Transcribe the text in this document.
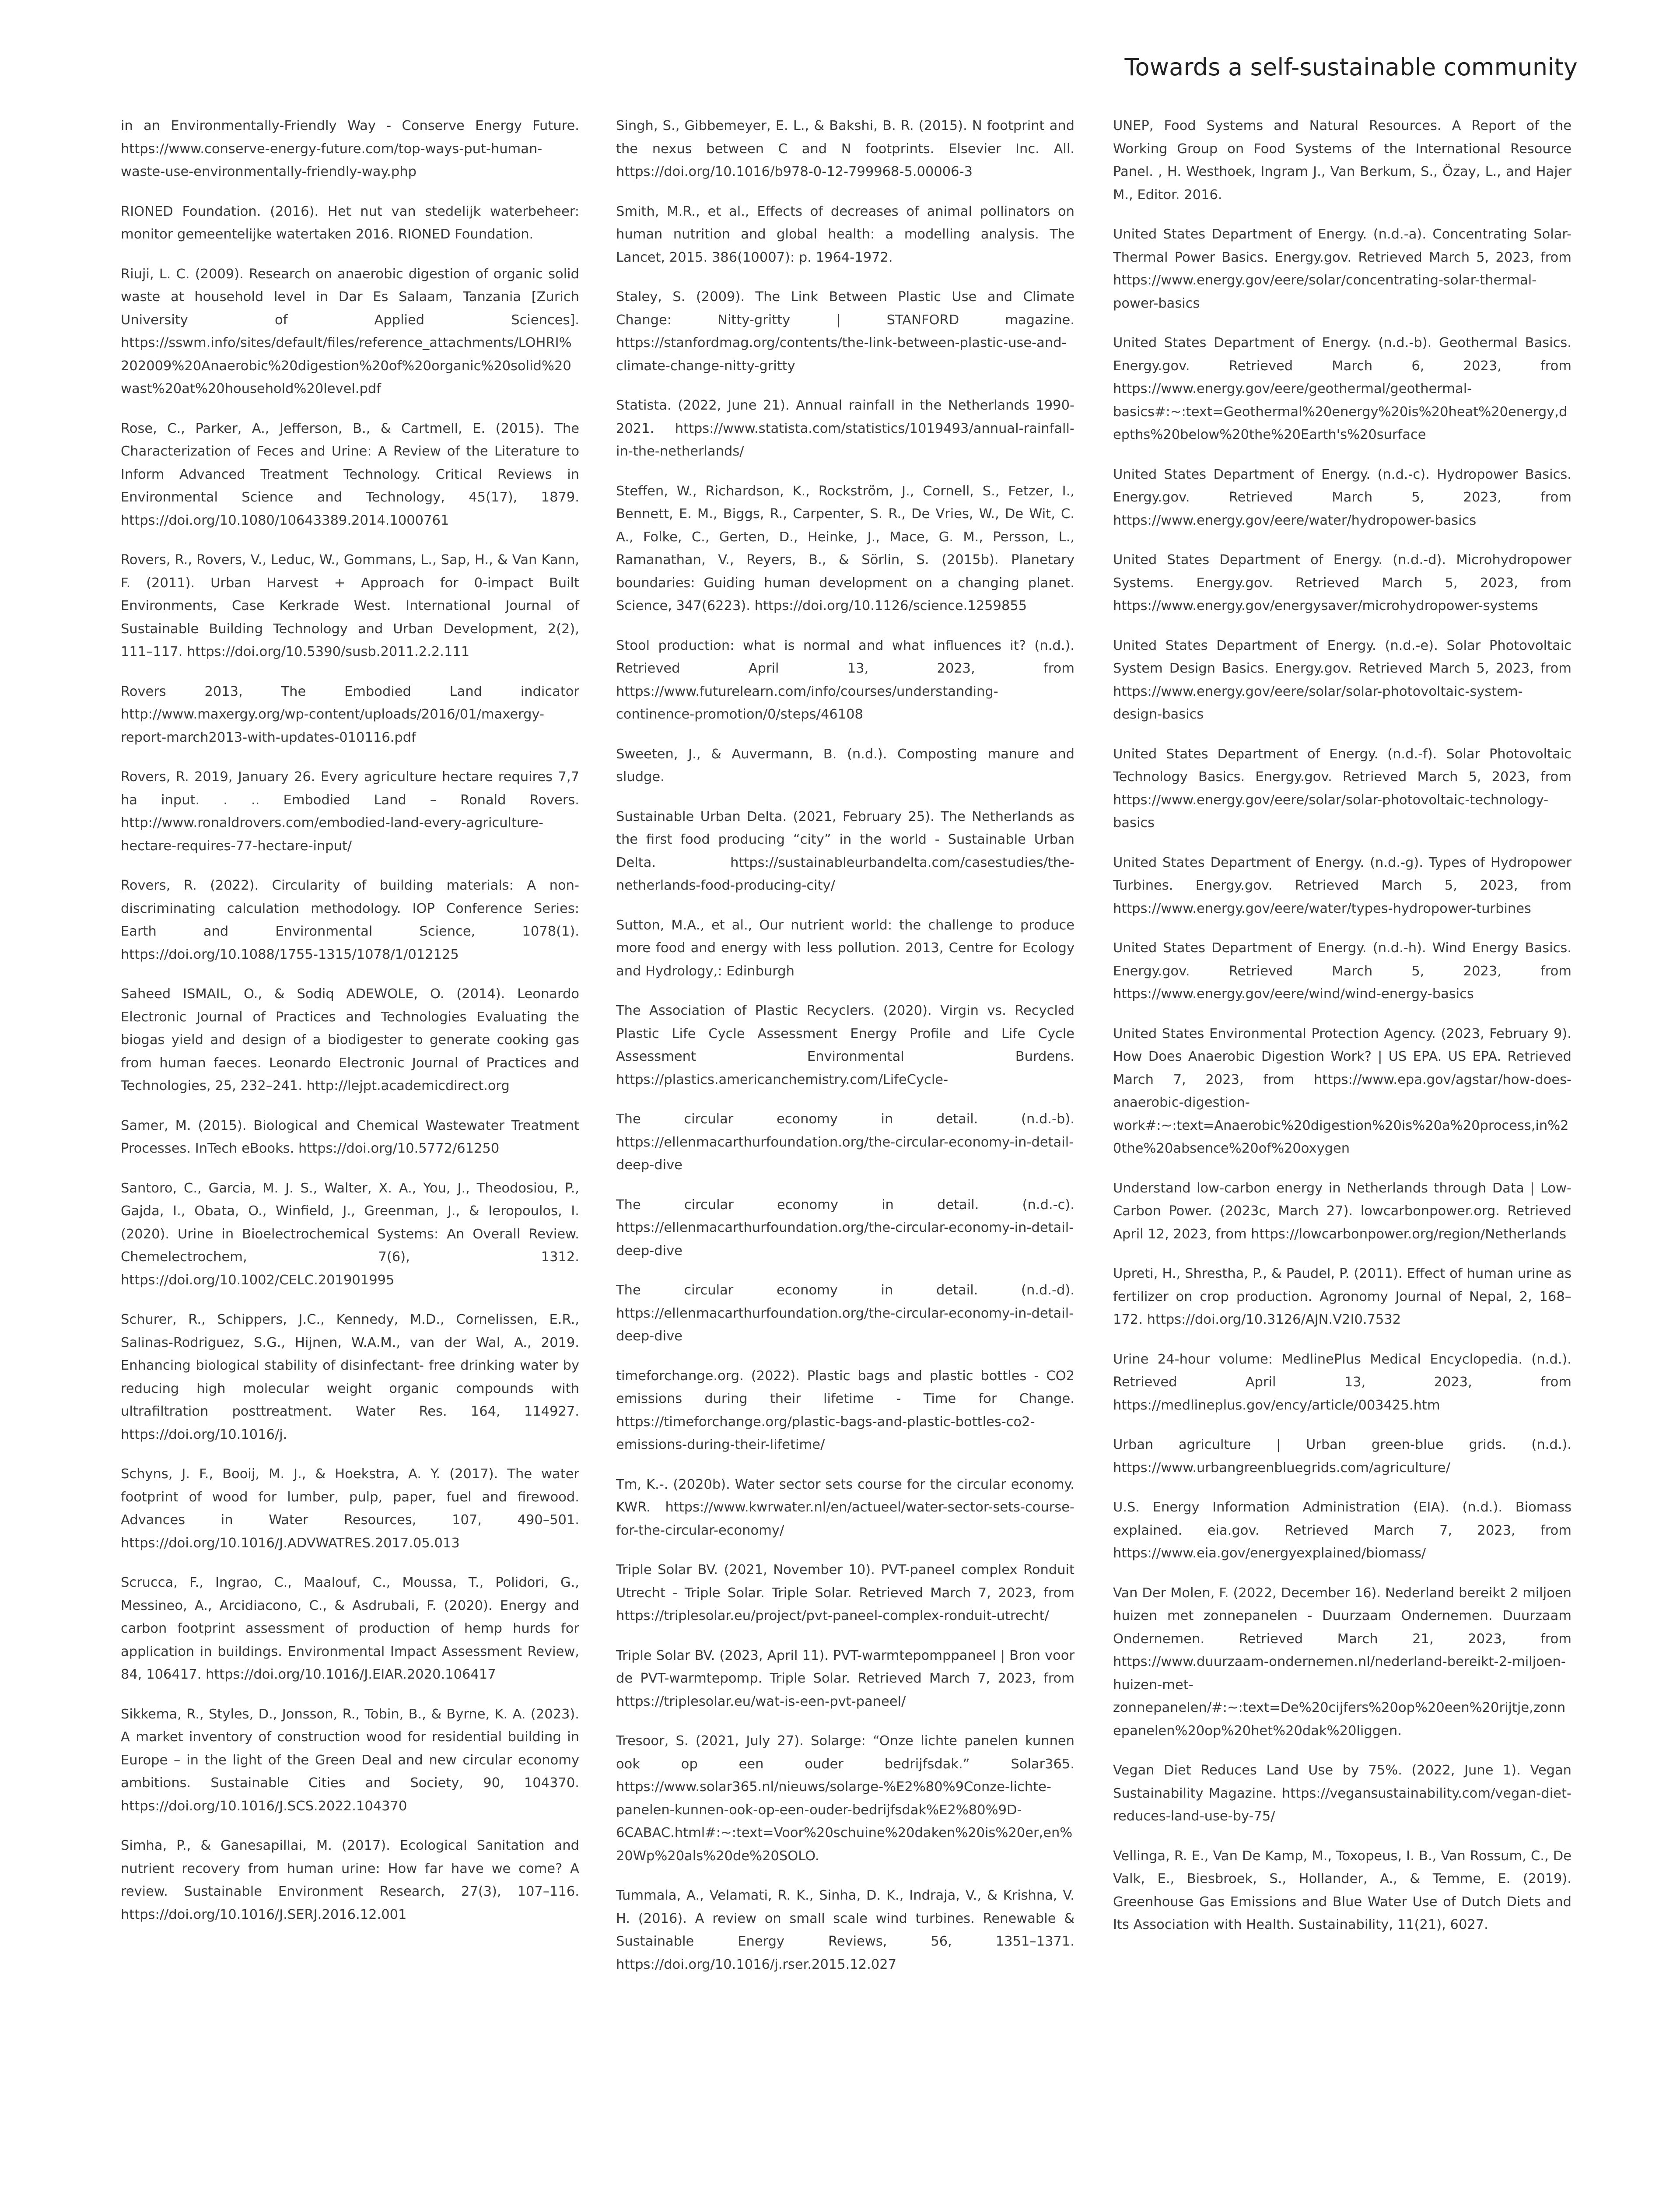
Towards a self-sustainable community

in an Environmentally-Friendly Way - Conserve Energy Future. https://www.conserve-energy-future.com/top-ways-put-human-waste-use-environmentally-friendly-way.php

RIONED Foundation. (2016). Het nut van stedelijk waterbeheer: monitor gemeentelijke watertaken 2016. RIONED Foundation.

Riuji, L. C. (2009). Research on anaerobic digestion of organic solid waste at household level in Dar Es Salaam, Tanzania [Zurich University of Applied Sciences]. https://sswm.info/sites/default/files/reference_attachments/LOHRI%202009%20Anaerobic%20digestion%20of%20organic%20solid%20wast%20at%20household%20level.pdf

Rose, C., Parker, A., Jefferson, B., & Cartmell, E. (2015). The Characterization of Feces and Urine: A Review of the Literature to Inform Advanced Treatment Technology. Critical Reviews in Environmental Science and Technology, 45(17), 1879. https://doi.org/10.1080/10643389.2014.1000761

Rovers, R., Rovers, V., Leduc, W., Gommans, L., Sap, H., & Van Kann, F. (2011). Urban Harvest + Approach for 0-impact Built Environments, Case Kerkrade West. International Journal of Sustainable Building Technology and Urban Development, 2(2), 111–117. https://doi.org/10.5390/susb.2011.2.2.111

Rovers 2013, The Embodied Land indicator http://www.maxergy.org/wp-content/uploads/2016/01/maxergy-report-march2013-with-updates-010116.pdf

Rovers, R. 2019, January 26. Every agriculture hectare requires 7,7 ha input. . .. Embodied Land – Ronald Rovers. http://www.ronaldrovers.com/embodied-land-every-agriculture-hectare-requires-77-hectare-input/

Rovers, R. (2022). Circularity of building materials: A non-discriminating calculation methodology. IOP Conference Series: Earth and Environmental Science, 1078(1). https://doi.org/10.1088/1755-1315/1078/1/012125

Saheed ISMAIL, O., & Sodiq ADEWOLE, O. (2014). Leonardo Electronic Journal of Practices and Technologies Evaluating the biogas yield and design of a biodigester to generate cooking gas from human faeces. Leonardo Electronic Journal of Practices and Technologies, 25, 232–241. http://lejpt.academicdirect.org

Samer, M. (2015). Biological and Chemical Wastewater Treatment Processes. InTech eBooks. https://doi.org/10.5772/61250

Santoro, C., Garcia, M. J. S., Walter, X. A., You, J., Theodosiou, P., Gajda, I., Obata, O., Winfield, J., Greenman, J., & Ieropoulos, I. (2020). Urine in Bioelectrochemical Systems: An Overall Review. Chemelectrochem, 7(6), 1312. https://doi.org/10.1002/CELC.201901995

Schurer, R., Schippers, J.C., Kennedy, M.D., Cornelissen, E.R., Salinas-Rodriguez, S.G., Hijnen, W.A.M., van der Wal, A., 2019. Enhancing biological stability of disinfectant- free drinking water by reducing high molecular weight organic compounds with ultrafiltration posttreatment. Water Res. 164, 114927. https://doi.org/10.1016/j.

Schyns, J. F., Booij, M. J., & Hoekstra, A. Y. (2017). The water footprint of wood for lumber, pulp, paper, fuel and firewood. Advances in Water Resources, 107, 490–501. https://doi.org/10.1016/J.ADVWATRES.2017.05.013

Scrucca, F., Ingrao, C., Maalouf, C., Moussa, T., Polidori, G., Messineo, A., Arcidiacono, C., & Asdrubali, F. (2020). Energy and carbon footprint assessment of production of hemp hurds for application in buildings. Environmental Impact Assessment Review, 84, 106417. https://doi.org/10.1016/J.EIAR.2020.106417

Sikkema, R., Styles, D., Jonsson, R., Tobin, B., & Byrne, K. A. (2023). A market inventory of construction wood for residential building in Europe – in the light of the Green Deal and new circular economy ambitions. Sustainable Cities and Society, 90, 104370. https://doi.org/10.1016/J.SCS.2022.104370

Simha, P., & Ganesapillai, M. (2017). Ecological Sanitation and nutrient recovery from human urine: How far have we come? A review. Sustainable Environment Research, 27(3), 107–116. https://doi.org/10.1016/J.SERJ.2016.12.001

Singh, S., Gibbemeyer, E. L., & Bakshi, B. R. (2015). N footprint and the nexus between C and N footprints. Elsevier Inc. All. https://doi.org/10.1016/b978-0-12-799968-5.00006-3

Smith, M.R., et al., Effects of decreases of animal pollinators on human nutrition and global health: a modelling analysis. The Lancet, 2015. 386(10007): p. 1964-1972.

Staley, S. (2009). The Link Between Plastic Use and Climate Change: Nitty-gritty | STANFORD magazine. https://stanfordmag.org/contents/the-link-between-plastic-use-and-climate-change-nitty-gritty

Statista. (2022, June 21). Annual rainfall in the Netherlands 1990-2021. https://www.statista.com/statistics/1019493/annual-rainfall-in-the-netherlands/

Steffen, W., Richardson, K., Rockström, J., Cornell, S., Fetzer, I., Bennett, E. M., Biggs, R., Carpenter, S. R., De Vries, W., De Wit, C. A., Folke, C., Gerten, D., Heinke, J., Mace, G. M., Persson, L., Ramanathan, V., Reyers, B., & Sörlin, S. (2015b). Planetary boundaries: Guiding human development on a changing planet. Science, 347(6223). https://doi.org/10.1126/science.1259855

Stool production: what is normal and what influences it? (n.d.). Retrieved April 13, 2023, from https://www.futurelearn.com/info/courses/understanding-continence-promotion/0/steps/46108

Sweeten, J., & Auvermann, B. (n.d.). Composting manure and sludge.

Sustainable Urban Delta. (2021, February 25). The Netherlands as the first food producing “city” in the world - Sustainable Urban Delta. https://sustainableurbandelta.com/casestudies/the-netherlands-food-producing-city/

Sutton, M.A., et al., Our nutrient world: the challenge to produce more food and energy with less pollution. 2013, Centre for Ecology and Hydrology,: Edinburgh

The Association of Plastic Recyclers. (2020). Virgin vs. Recycled Plastic Life Cycle Assessment Energy Profile and Life Cycle Assessment Environmental Burdens. https://plastics.americanchemistry.com/LifeCycle-

The circular economy in detail. (n.d.-b). https://ellenmacarthurfoundation.org/the-circular-economy-in-detail-deep-dive

The circular economy in detail. (n.d.-c). https://ellenmacarthurfoundation.org/the-circular-economy-in-detail-deep-dive

The circular economy in detail. (n.d.-d). https://ellenmacarthurfoundation.org/the-circular-economy-in-detail-deep-dive

timeforchange.org. (2022). Plastic bags and plastic bottles - CO2 emissions during their lifetime - Time for Change. https://timeforchange.org/plastic-bags-and-plastic-bottles-co2-emissions-during-their-lifetime/

Tm, K.-. (2020b). Water sector sets course for the circular economy. KWR. https://www.kwrwater.nl/en/actueel/water-sector-sets-course-for-the-circular-economy/

Triple Solar BV. (2021, November 10). PVT-paneel complex Ronduit Utrecht - Triple Solar. Triple Solar. Retrieved March 7, 2023, from https://triplesolar.eu/project/pvt-paneel-complex-ronduit-utrecht/

Triple Solar BV. (2023, April 11). PVT-warmtepomppaneel | Bron voor de PVT-warmtepomp. Triple Solar. Retrieved March 7, 2023, from https://triplesolar.eu/wat-is-een-pvt-paneel/

Tresoor, S. (2021, July 27). Solarge: “Onze lichte panelen kunnen ook op een ouder bedrijfsdak.” Solar365. https://www.solar365.nl/nieuws/solarge-%E2%80%9Conze-lichte-panelen-kunnen-ook-op-een-ouder-bedrijfsdak%E2%80%9D-6CABAC.html#:~:text=Voor%20schuine%20daken%20is%20er,en%20Wp%20als%20de%20SOLO.

Tummala, A., Velamati, R. K., Sinha, D. K., Indraja, V., & Krishna, V. H. (2016). A review on small scale wind turbines. Renewable & Sustainable Energy Reviews, 56, 1351–1371. https://doi.org/10.1016/j.rser.2015.12.027

UNEP, Food Systems and Natural Resources. A Report of the Working Group on Food Systems of the International Resource Panel. , H. Westhoek, Ingram J., Van Berkum, S., Özay, L., and Hajer M., Editor. 2016.

United States Department of Energy. (n.d.-a). Concentrating Solar-Thermal Power Basics. Energy.gov. Retrieved March 5, 2023, from https://www.energy.gov/eere/solar/concentrating-solar-thermal-power-basics

United States Department of Energy. (n.d.-b). Geothermal Basics. Energy.gov. Retrieved March 6, 2023, from https://www.energy.gov/eere/geothermal/geothermal-basics#:~:text=Geothermal%20energy%20is%20heat%20energy,depths%20below%20the%20Earth's%20surface

United States Department of Energy. (n.d.-c). Hydropower Basics. Energy.gov. Retrieved March 5, 2023, from https://www.energy.gov/eere/water/hydropower-basics

United States Department of Energy. (n.d.-d). Microhydropower Systems. Energy.gov. Retrieved March 5, 2023, from https://www.energy.gov/energysaver/microhydropower-systems

United States Department of Energy. (n.d.-e). Solar Photovoltaic System Design Basics. Energy.gov. Retrieved March 5, 2023, from https://www.energy.gov/eere/solar/solar-photovoltaic-system-design-basics

United States Department of Energy. (n.d.-f). Solar Photovoltaic Technology Basics. Energy.gov. Retrieved March 5, 2023, from https://www.energy.gov/eere/solar/solar-photovoltaic-technology-basics

United States Department of Energy. (n.d.-g). Types of Hydropower Turbines. Energy.gov. Retrieved March 5, 2023, from https://www.energy.gov/eere/water/types-hydropower-turbines

United States Department of Energy. (n.d.-h). Wind Energy Basics. Energy.gov. Retrieved March 5, 2023, from https://www.energy.gov/eere/wind/wind-energy-basics

United States Environmental Protection Agency. (2023, February 9). How Does Anaerobic Digestion Work? | US EPA. US EPA. Retrieved March 7, 2023, from https://www.epa.gov/agstar/how-does-anaerobic-digestion-work#:~:text=Anaerobic%20digestion%20is%20a%20process,in%20the%20absence%20of%20oxygen

Understand low-carbon energy in Netherlands through Data | Low-Carbon Power. (2023c, March 27). lowcarbonpower.org. Retrieved April 12, 2023, from https://lowcarbonpower.org/region/Netherlands

Upreti, H., Shrestha, P., & Paudel, P. (2011). Effect of human urine as fertilizer on crop production. Agronomy Journal of Nepal, 2, 168–172. https://doi.org/10.3126/AJN.V2I0.7532

Urine 24-hour volume: MedlinePlus Medical Encyclopedia. (n.d.). Retrieved April 13, 2023, from https://medlineplus.gov/ency/article/003425.htm

Urban agriculture | Urban green-blue grids. (n.d.). https://www.urbangreenbluegrids.com/agriculture/

U.S. Energy Information Administration (EIA). (n.d.). Biomass explained. eia.gov. Retrieved March 7, 2023, from https://www.eia.gov/energyexplained/biomass/

Van Der Molen, F. (2022, December 16). Nederland bereikt 2 miljoen huizen met zonnepanelen - Duurzaam Ondernemen. Duurzaam Ondernemen. Retrieved March 21, 2023, from https://www.duurzaam-ondernemen.nl/nederland-bereikt-2-miljoen-huizen-met-zonnepanelen/#:~:text=De%20cijfers%20op%20een%20rijtje,zonnepanelen%20op%20het%20dak%20liggen.

Vegan Diet Reduces Land Use by 75%. (2022, June 1). Vegan Sustainability Magazine. https://vegansustainability.com/vegan-diet-reduces-land-use-by-75/

Vellinga, R. E., Van De Kamp, M., Toxopeus, I. B., Van Rossum, C., De Valk, E., Biesbroek, S., Hollander, A., & Temme, E. (2019). Greenhouse Gas Emissions and Blue Water Use of Dutch Diets and Its Association with Health. Sustainability, 11(21), 6027.
